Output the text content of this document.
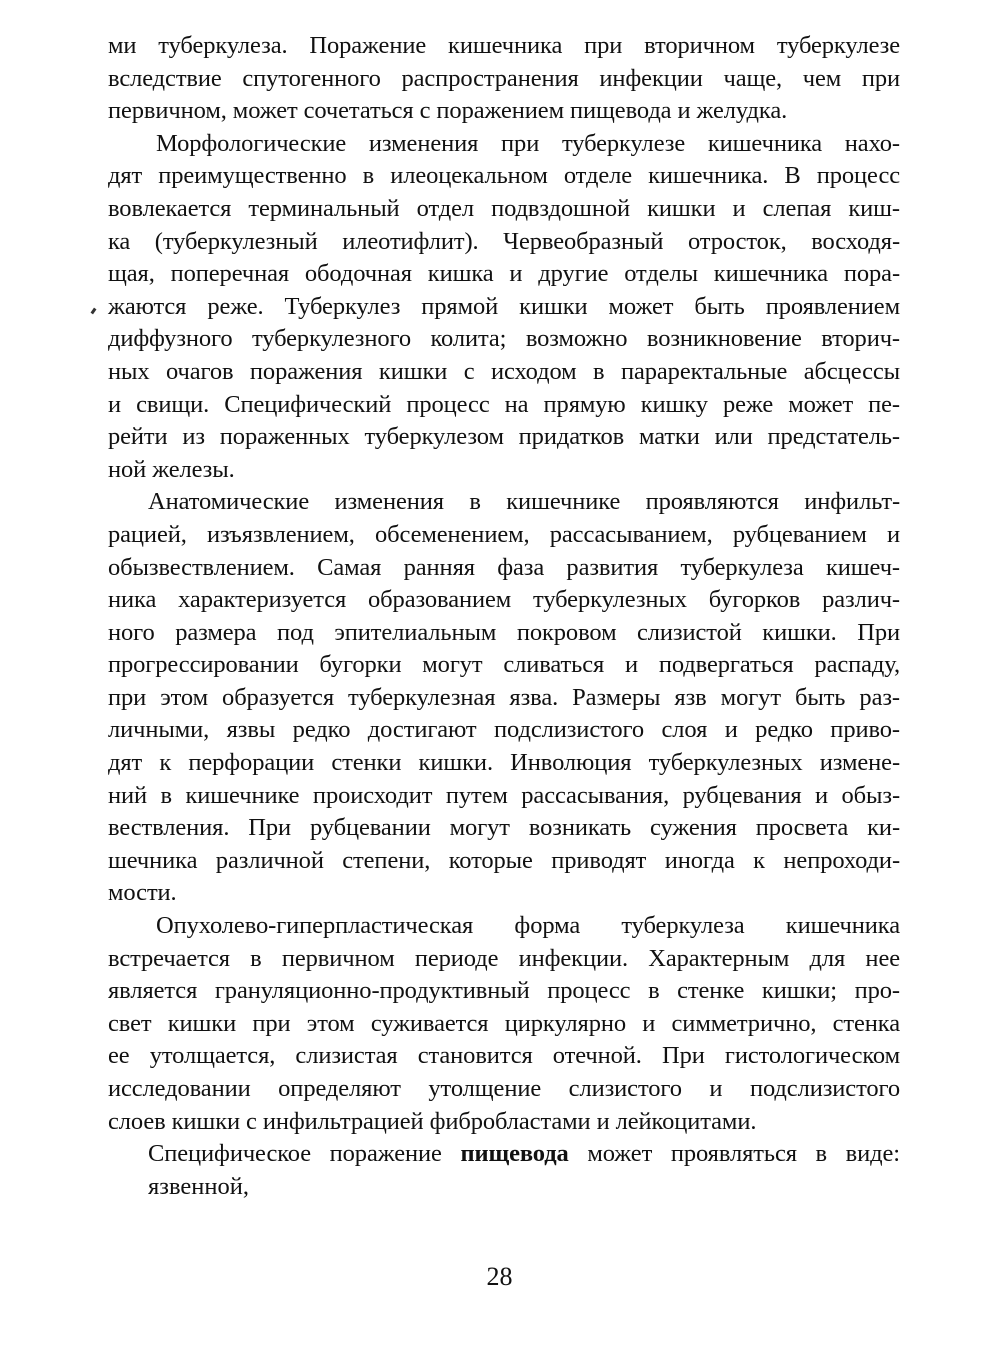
ми туберкулеза. Поражение кишечника при вторичном туберкулезе
вследствие спутогенного распространения инфекции чаще, чем при
первичном, может сочетаться с поражением пищевода и желудка.
Морфологические изменения при туберкулезе кишечника нахо-
дят преимущественно в илеоцекальном отделе кишечника. В процесс
вовлекается терминальный отдел подвздошной кишки и слепая киш-
ка (туберкулезный илеотифлит). Червеобразный отросток, восходя-
щая, поперечная ободочная кишка и другие отделы кишечника пора-
жаются реже. Туберкулез прямой кишки может быть проявлением
диффузного туберкулезного колита; возможно возникновение вторич-
ных очагов поражения кишки с исходом в параректальные абсцессы
и свищи. Специфический процесс на прямую кишку реже может пе-
рейти из пораженных туберкулезом придатков матки или предстатель-
ной железы.
Анатомические изменения в кишечнике проявляются инфильт-
рацией, изъязвлением, обсеменением, рассасыванием, рубцеванием и
обызвествлением. Самая ранняя фаза развития туберкулеза кишеч-
ника характеризуется образованием туберкулезных бугорков различ-
ного размера под эпителиальным покровом слизистой кишки. При
прогрессировании бугорки могут сливаться и подвергаться распаду,
при этом образуется туберкулезная язва. Размеры язв могут быть раз-
личными, язвы редко достигают подслизистого слоя и редко приво-
дят к перфорации стенки кишки. Инволюция туберкулезных измене-
ний в кишечнике происходит путем рассасывания, рубцевания и обыз-
вествления. При рубцевании могут возникать сужения просвета ки-
шечника различной степени, которые приводят иногда к непроходи-
мости.
Опухолево-гиперпластическая форма туберкулеза кишечника
встречается в первичном периоде инфекции. Характерным для нее
является грануляционно-продуктивный процесс в стенке кишки; про-
свет кишки при этом суживается циркулярно и симметрично, стенка
ее утолщается, слизистая становится отечной. При гистологическом
исследовании определяют утолщение слизистого и подслизистого
слоев кишки с инфильтрацией фибробластами и лейкоцитами.
Специфическое поражение пищевода может проявляться в виде:
язвенной,
28
